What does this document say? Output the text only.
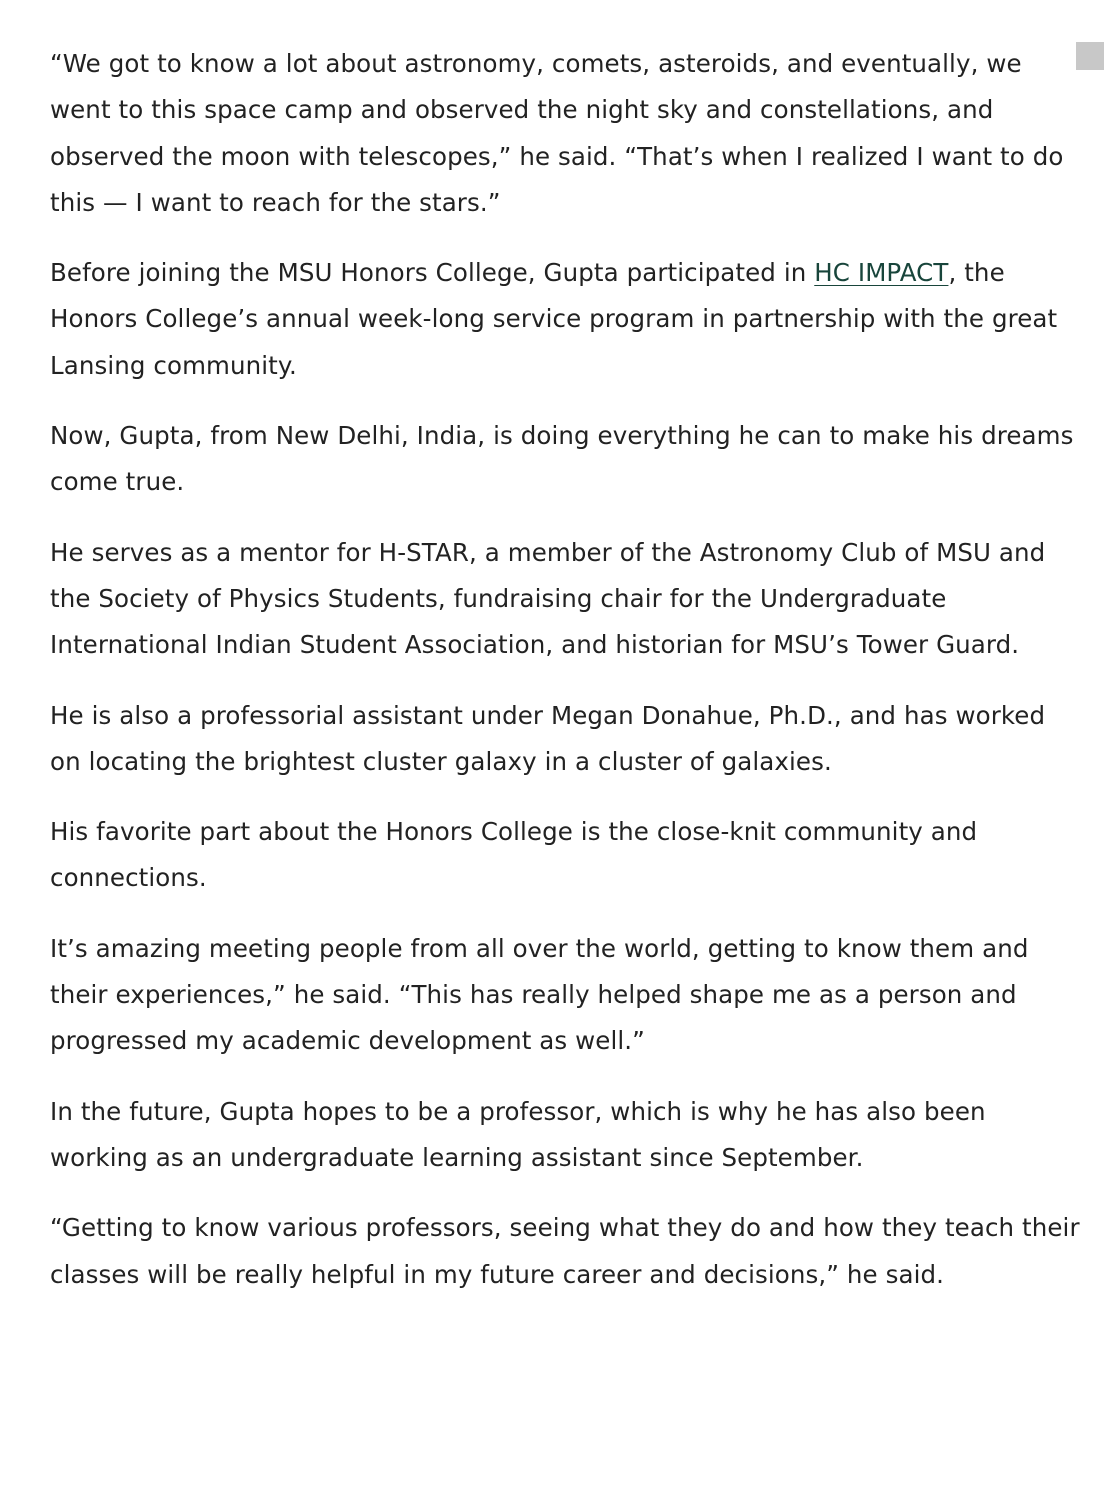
“We got to know a lot about astronomy, comets, asteroids, and eventually, we went to this space camp and observed the night sky and constellations, and observed the moon with telescopes,” he said. “That’s when I realized I want to do this — I want to reach for the stars.”

Before joining the MSU Honors College, Gupta participated in HC IMPACT, the Honors College’s annual week-long service program in partnership with the great Lansing community.

Now, Gupta, from New Delhi, India, is doing everything he can to make his dreams come true.

He serves as a mentor for H-STAR, a member of the Astronomy Club of MSU and the Society of Physics Students, fundraising chair for the Undergraduate International Indian Student Association, and historian for MSU’s Tower Guard.

He is also a professorial assistant under Megan Donahue, Ph.D., and has worked on locating the brightest cluster galaxy in a cluster of galaxies.

His favorite part about the Honors College is the close-knit community and connections.

It’s amazing meeting people from all over the world, getting to know them and their experiences,” he said. “This has really helped shape me as a person and progressed my academic development as well.”

In the future, Gupta hopes to be a professor, which is why he has also been working as an undergraduate learning assistant since September.

“Getting to know various professors, seeing what they do and how they teach their classes will be really helpful in my future career and decisions,” he said.
